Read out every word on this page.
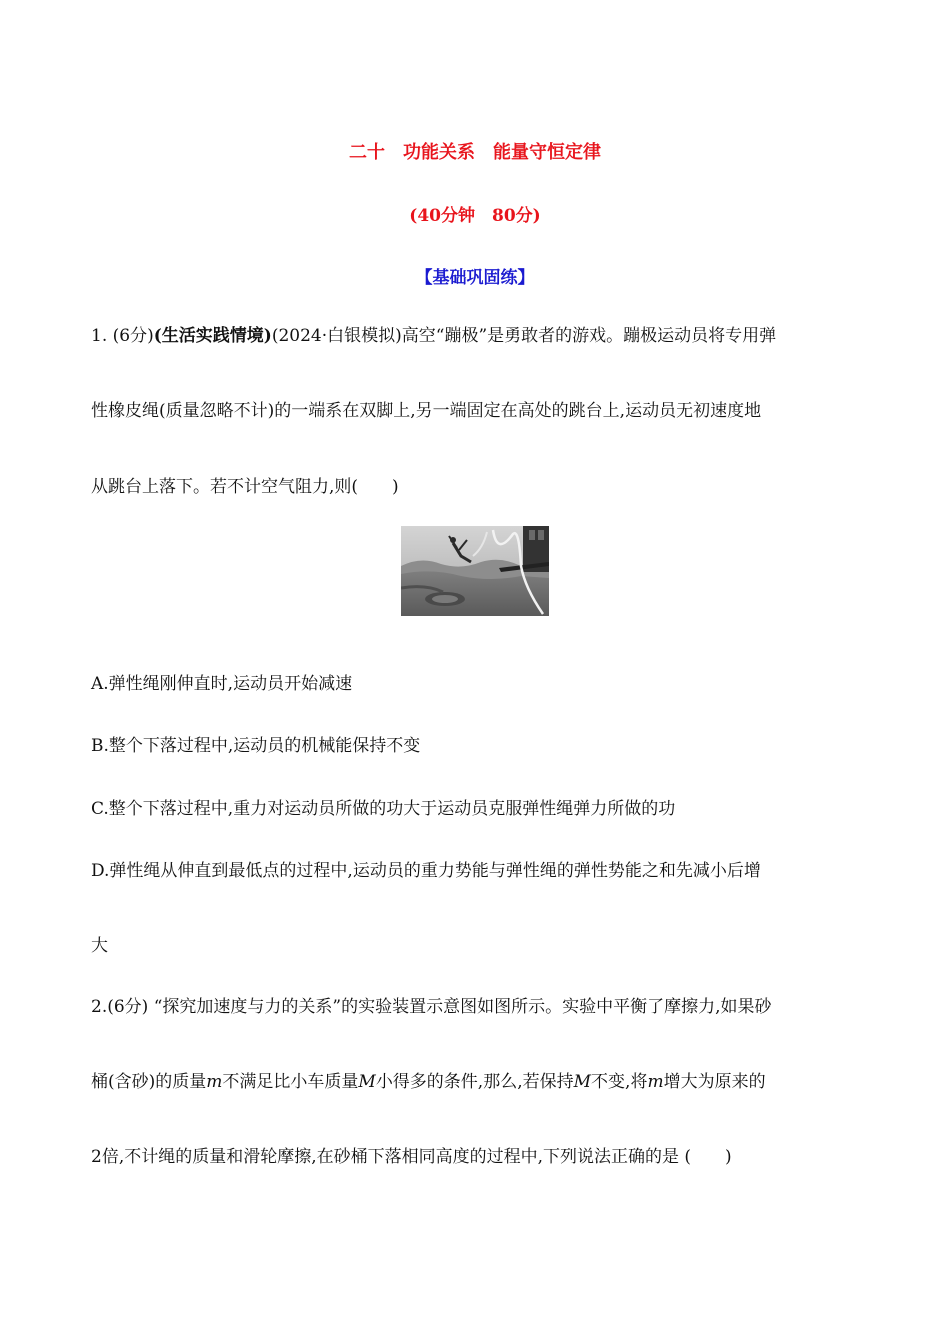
二十　功能关系　能量守恒定律
(40分钟　80分)
【基础巩固练】
1. (6分)(生活实践情境)(2024·白银模拟)高空“蹦极”是勇敢者的游戏。蹦极运动员将专用弹
性橡皮绳(质量忽略不计)的一端系在双脚上,另一端固定在高处的跳台上,运动员无初速度地
从跳台上落下。若不计空气阻力,则(　　)
A.弹性绳刚伸直时,运动员开始减速
B.整个下落过程中,运动员的机械能保持不变
C.整个下落过程中,重力对运动员所做的功大于运动员克服弹性绳弹力所做的功
D.弹性绳从伸直到最低点的过程中,运动员的重力势能与弹性绳的弹性势能之和先减小后增
大
2.(6分) “探究加速度与力的关系”的实验装置示意图如图所示。实验中平衡了摩擦力,如果砂
桶(含砂)的质量m不满足比小车质量M小得多的条件,那么,若保持M不变,将m增大为原来的
2倍,不计绳的质量和滑轮摩擦,在砂桶下落相同高度的过程中,下列说法正确的是 (　　)
